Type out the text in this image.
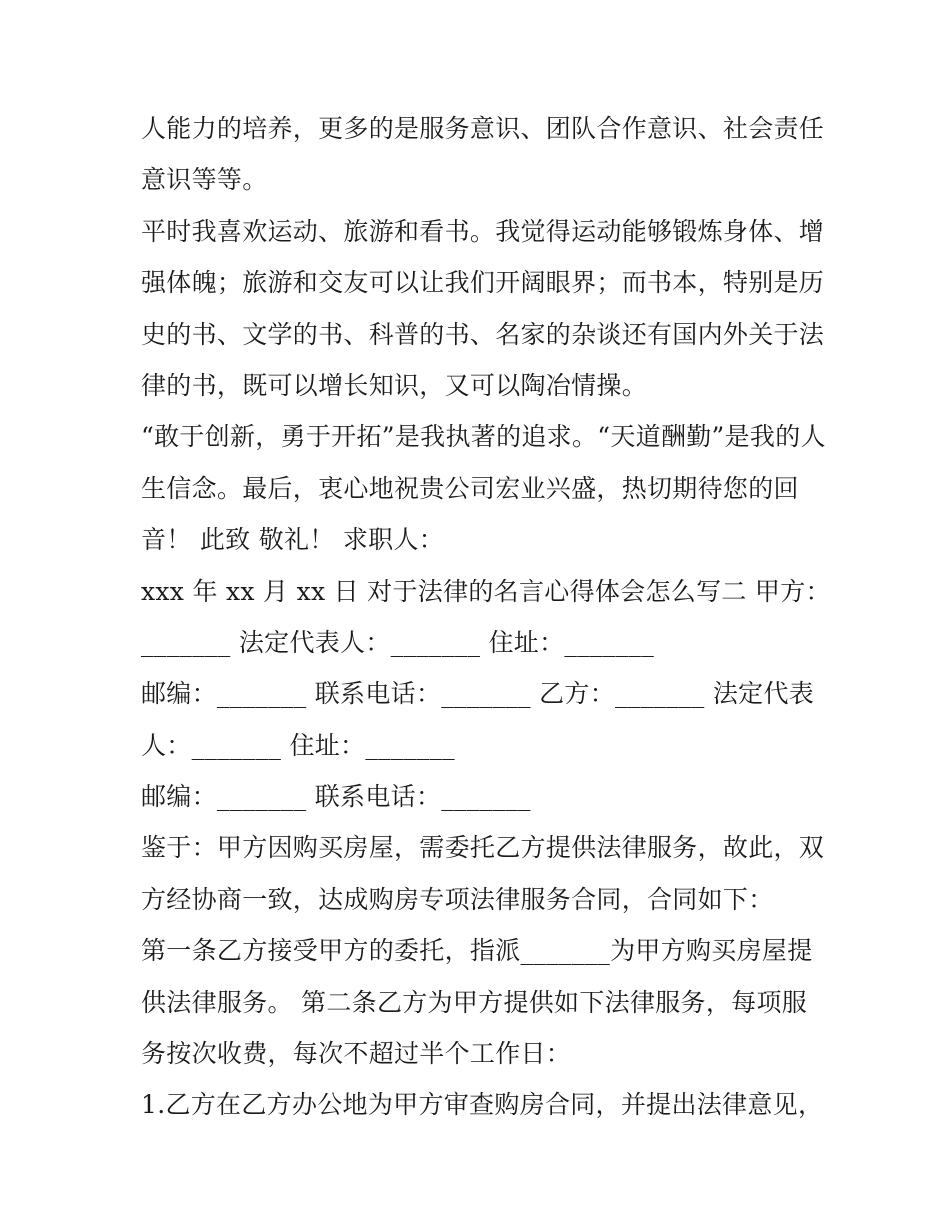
人能力的培养，更多的是服务意识、团队合作意识、社会责任
意识等等。
平时我喜欢运动、旅游和看书。我觉得运动能够锻炼身体、增
强体魄；旅游和交友可以让我们开阔眼界；而书本，特别是历
史的书、文学的书、科普的书、名家的杂谈还有国内外关于法
律的书，既可以增长知识，又可以陶冶情操。
“敢于创新，勇于开拓”是我执著的追求。“天道酬勤”是我的人
生信念。最后，衷心地祝贵公司宏业兴盛，热切期待您的回
音！ 此致 敬礼！ 求职人：
xxx 年 xx 月 xx 日 对于法律的名言心得体会怎么写二 甲方：
_______ 法定代表人：_______ 住址：_______
邮编：_______ 联系电话：_______ 乙方：_______ 法定代表
人：_______ 住址：_______
邮编：_______ 联系电话：_______
鉴于：甲方因购买房屋，需委托乙方提供法律服务，故此，双
方经协商一致，达成购房专项法律服务合同，合同如下：
第一条乙方接受甲方的委托，指派_______为甲方购买房屋提
供法律服务。 第二条乙方为甲方提供如下法律服务，每项服
务按次收费，每次不超过半个工作日：
1.乙方在乙方办公地为甲方审查购房合同，并提出法律意见，
